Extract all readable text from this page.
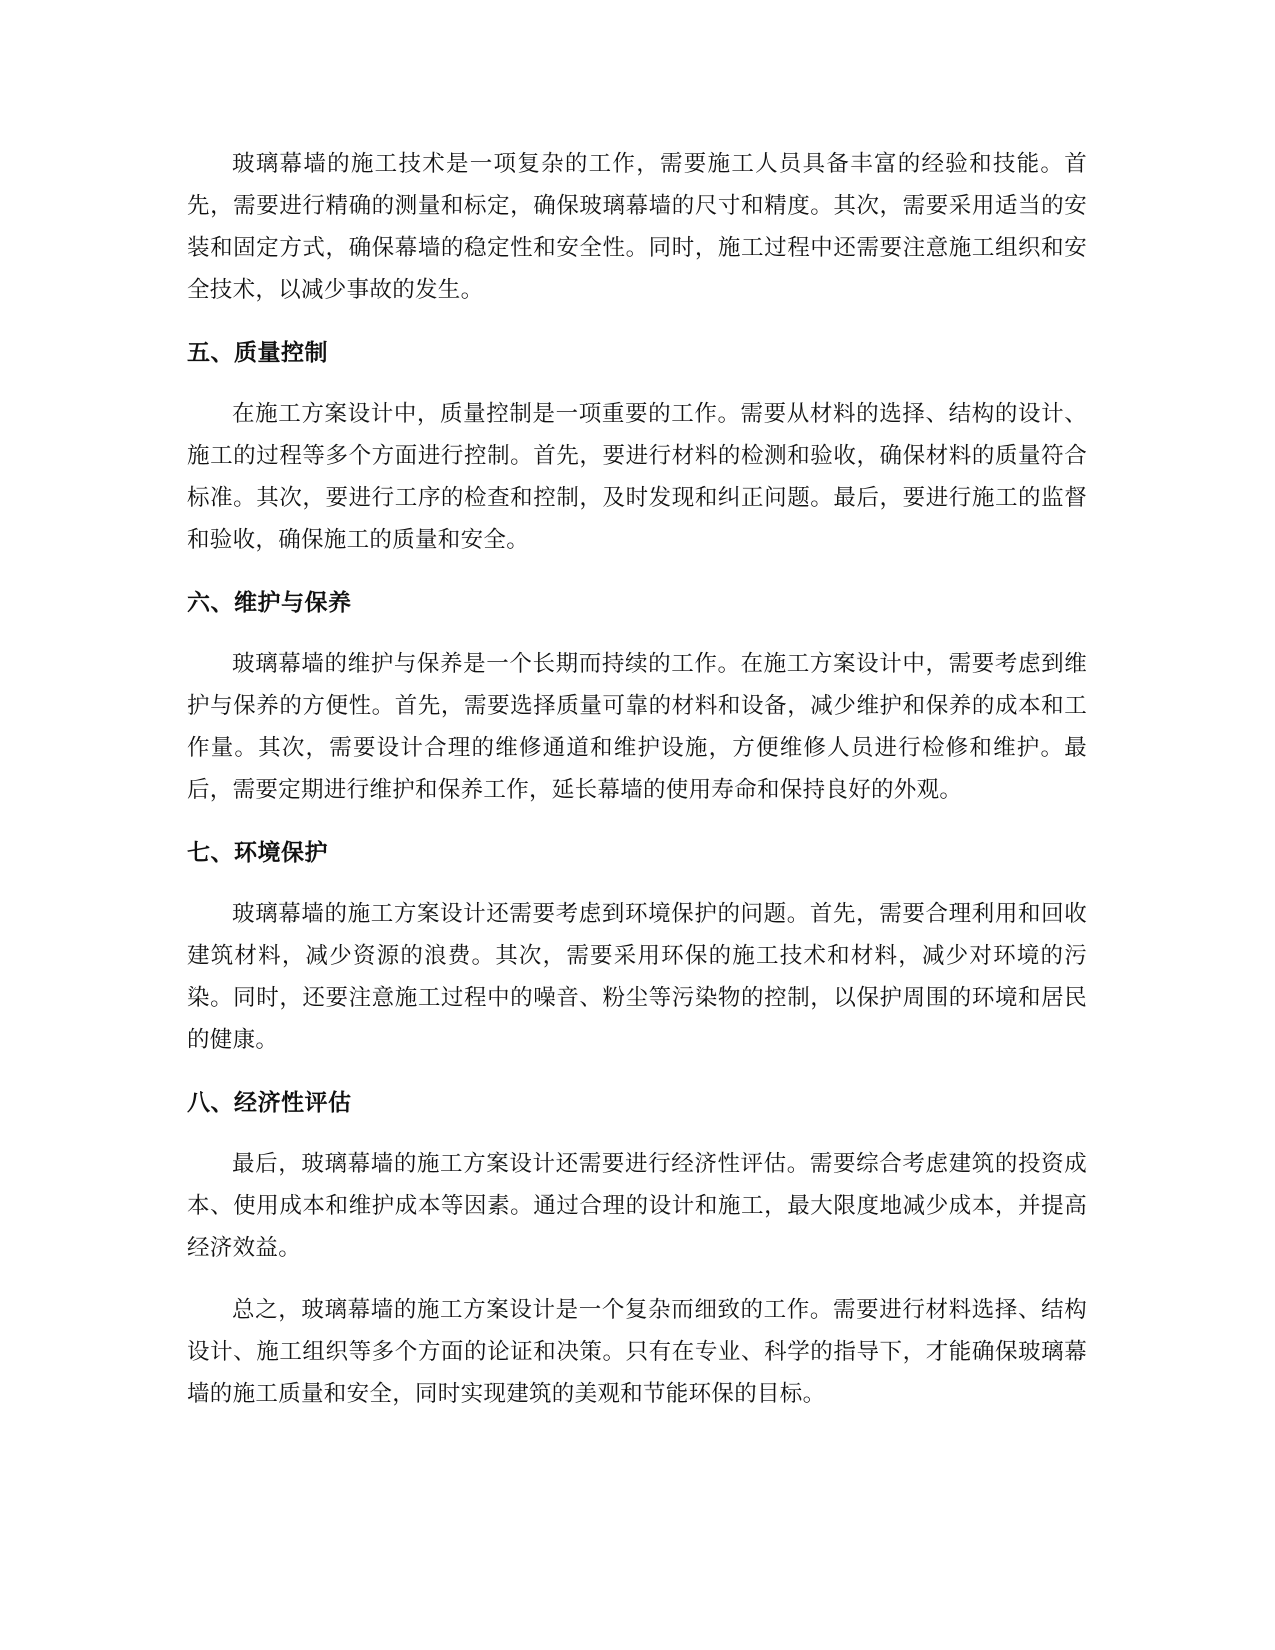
玻璃幕墙的施工技术是一项复杂的工作，需要施工人员具备丰富的经验和技能。首先，需要进行精确的测量和标定，确保玻璃幕墙的尺寸和精度。其次，需要采用适当的安装和固定方式，确保幕墙的稳定性和安全性。同时，施工过程中还需要注意施工组织和安全技术，以减少事故的发生。

五、质量控制

在施工方案设计中，质量控制是一项重要的工作。需要从材料的选择、结构的设计、施工的过程等多个方面进行控制。首先，要进行材料的检测和验收，确保材料的质量符合标准。其次，要进行工序的检查和控制，及时发现和纠正问题。最后，要进行施工的监督和验收，确保施工的质量和安全。

六、维护与保养

玻璃幕墙的维护与保养是一个长期而持续的工作。在施工方案设计中，需要考虑到维护与保养的方便性。首先，需要选择质量可靠的材料和设备，减少维护和保养的成本和工作量。其次，需要设计合理的维修通道和维护设施，方便维修人员进行检修和维护。最后，需要定期进行维护和保养工作，延长幕墙的使用寿命和保持良好的外观。

七、环境保护

玻璃幕墙的施工方案设计还需要考虑到环境保护的问题。首先，需要合理利用和回收建筑材料，减少资源的浪费。其次，需要采用环保的施工技术和材料，减少对环境的污染。同时，还要注意施工过程中的噪音、粉尘等污染物的控制，以保护周围的环境和居民的健康。

八、经济性评估

最后，玻璃幕墙的施工方案设计还需要进行经济性评估。需要综合考虑建筑的投资成本、使用成本和维护成本等因素。通过合理的设计和施工，最大限度地减少成本，并提高经济效益。

总之，玻璃幕墙的施工方案设计是一个复杂而细致的工作。需要进行材料选择、结构设计、施工组织等多个方面的论证和决策。只有在专业、科学的指导下，才能确保玻璃幕墙的施工质量和安全，同时实现建筑的美观和节能环保的目标。
